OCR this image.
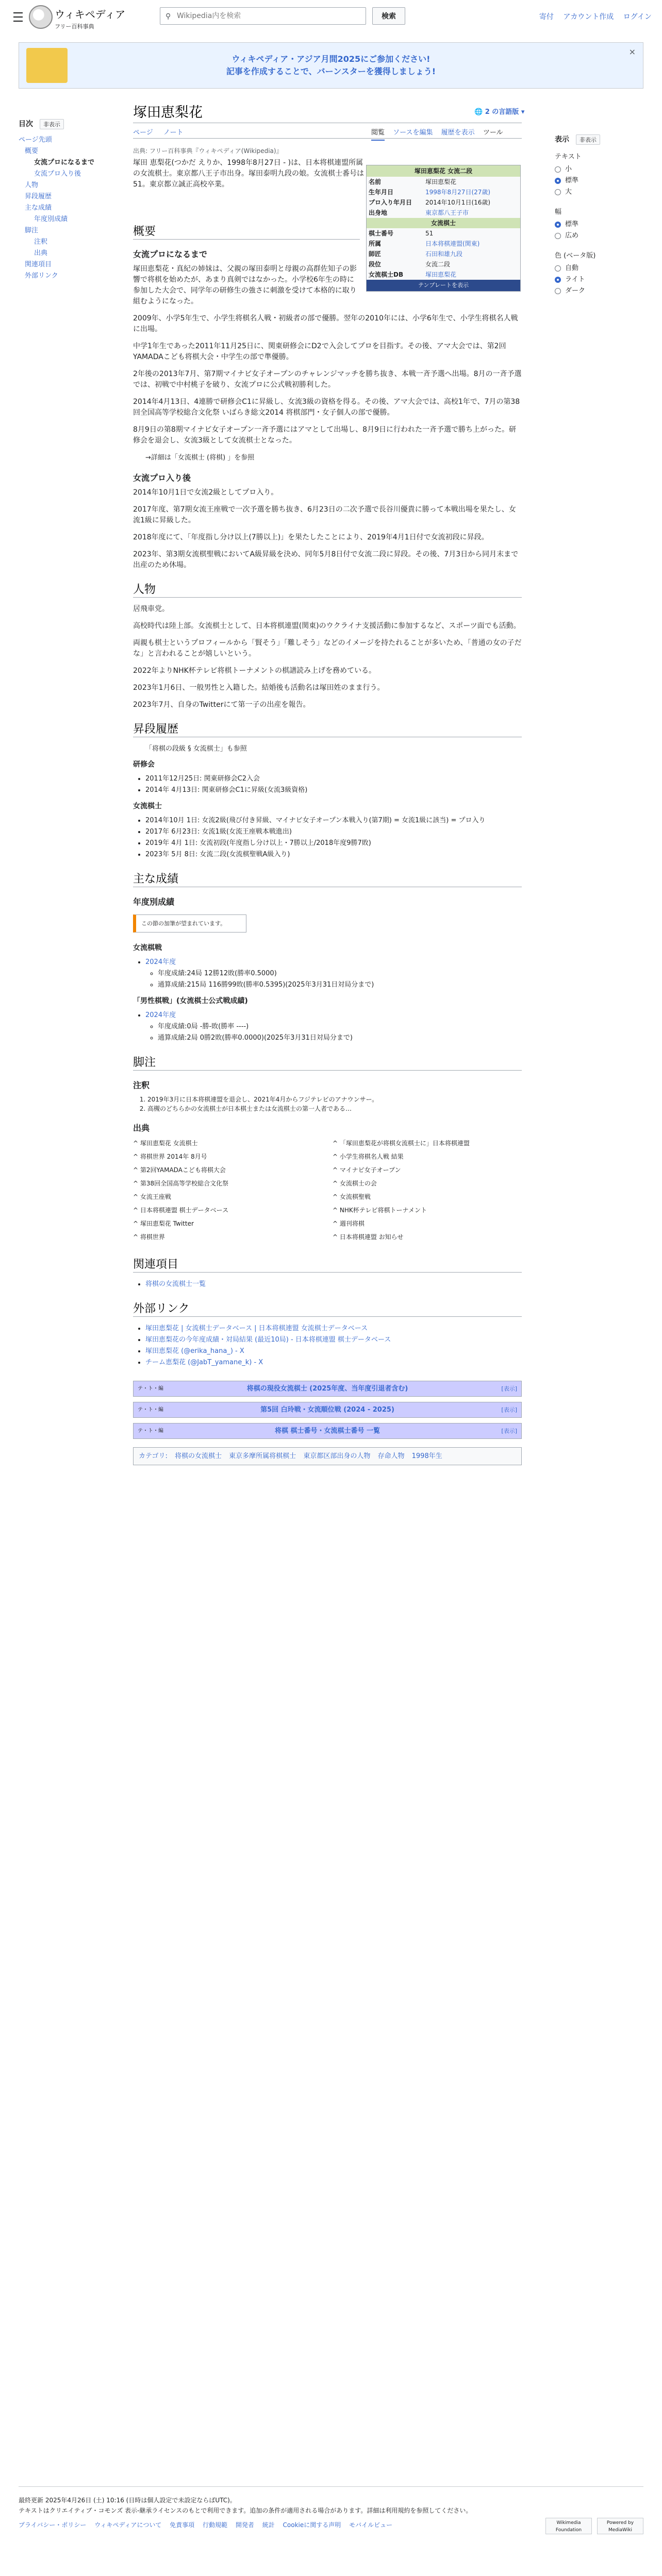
ウィキペディア
フリー百科事典
⚲
Wikipedia内を検索	検索	寄付 アカウント作成 ログイン
ウィキペディア・アジア月間2025にご参加ください!
記事を作成することで、バーンスターを獲得しましょう!
×
目次 非表示
ページ先頭
概要
女流プロになるまで
女流プロ入り後
人物
昇段履歴
主な成績
年度別成績
脚注
注釈
出典
関連項目
外部リンク
塚田恵梨花	🌐 2 の言語版 ▾
ページ ノート	閲覧 ソースを編集 履歴を表示 ツール
出典: フリー百科事典『ウィキペディア(Wikipedia)』
塚田恵梨花 女流二段
名前	塚田恵梨花
生年月日	1998年8月27日(27歳)
プロ入り年月日	2014年10月1日(16歳)
出身地	東京都八王子市
女流棋士
棋士番号	51
所属	日本将棋連盟(関東)
師匠	石田和雄九段
段位	女流二段
女流棋士DB	塚田恵梨花
テンプレートを表示
表示 非表示
テキスト
小
標準
大
幅
標準
広め
色 (ベータ版)
自動
ライト
ダーク

塚田 恵梨花(つかだ えりか、1998年8月27日 - )は、日本将棋連盟所属の女流棋士。東京都八王子市出身。塚田泰明九段の娘。女流棋士番号は51。東京都立誠正高校卒業。

概要
女流プロになるまで

塚田恵梨花・真紀の姉妹は、父親の塚田泰明と母親の高群佐知子の影響で将棋を始めたが、あまり真剣ではなかった。小学校6年生の時に参加した大会で、同学年の研修生の強さに刺激を受けて本格的に取り組むようになった。

2009年、小学5年生で、小学生将棋名人戦・初級者の部で優勝。翌年の2010年には、小学6年生で、小学生将棋名人戦に出場。

中学1年生であった2011年11月25日に、関東研修会にD2で入会してプロを目指す。その後、アマ大会では、第2回YAMADAこども将棋大会・中学生の部で準優勝。

2年後の2013年7月、第7期マイナビ女子オープンのチャレンジマッチを勝ち抜き、本戦一斉予選へ出場。8月の一斉予選では、初戦で中村桃子を破り、女流プロに公式戦初勝利した。

2014年4月13日、4連勝で研修会C1に昇級し、女流3級の資格を得る。その後、アマ大会では、高校1年で、7月の第38回全国高等学校総合文化祭 いばらき総文2014 将棋部門・女子個人の部で優勝。

8月9日の第8期マイナビ女子オープン一斉予選にはアマとして出場し、8月9日に行われた一斉予選で勝ち上がった。研修会を退会し、女流3級として女流棋士となった。

→詳細は「女流棋士 (将棋) 」を参照
女流プロ入り後

2014年10月1日で女流2級としてプロ入り。

2017年度、第7期女流王座戦で一次予選を勝ち抜き、6月23日の二次予選で長谷川優貴に勝って本戦出場を果たし、女流1級に昇級した。

2018年度にて、「年度指し分け以上(7勝以上)」を果たしたことにより、2019年4月1日付で女流初段に昇段。

2023年、第3期女流棋聖戦においてA級昇級を決め、同年5月8日付で女流二段に昇段。その後、7月3日から同月末まで出産のため休場。

人物

居飛車党。

高校時代は陸上部。女流棋士として、日本将棋連盟(関東)のウクライナ支援活動に参加するなど、スポーツ面でも活動。

両親も棋士というプロフィールから「賢そう」「難しそう」などのイメージを持たれることが多いため、「普通の女の子だな」と言われることが嬉しいという。

2022年よりNHK杯テレビ将棋トーナメントの棋譜読み上げを務めている。

2023年1月6日、一般男性と入籍した。結婚後も活動名は塚田姓のまま行う。

2023年7月、自身のTwitterにて第一子の出産を報告。

昇段履歴
「将棋の段級 § 女流棋士」も参照
研修会
• 2011年12月25日: 関東研修会C2入会
• 2014年 4月13日: 関東研修会C1に昇級(女流3級資格)
女流棋士
• 2014年10月 1日: 女流2級(飛び付き昇級、マイナビ女子オープン本戦入り(第7期) = 女流1級に該当) = プロ入り
• 2017年 6月23日: 女流1級(女流王座戦本戦進出)
• 2019年 4月 1日: 女流初段(年度指し分け以上・7勝以上/2018年度9勝7敗)
• 2023年 5月 8日: 女流二段(女流棋聖戦A級入り)
主な成績
年度別成績
この節の加筆が望まれています。
女流棋戦
• 2024年度
◦ 年度成績:24局 12勝12敗(勝率0.5000)
◦ 通算成績:215局 116勝99敗(勝率0.5395)(2025年3月31日対局分まで)
「男性棋戦」(女流棋士公式戦成績)
• 2024年度
◦ 年度成績:0局 -勝-敗(勝率 ----)
◦ 通算成績:2局 0勝2敗(勝率0.0000)(2025年3月31日対局分まで)
脚注
注釈
1. 2019年3月に日本将棋連盟を退会し、2021年4月からフジテレビのアナウンサー。
2. 高槻のどちらかの女流棋士が日本棋士または女流棋士の第一人者である…
出典
^ 塚田恵梨花 女流棋士	^ 「塚田恵梨花が将棋女流棋士に」日本将棋連盟
^ 将棋世界 2014年 8月号	^ 小学生将棋名人戦 結果
^ 第2回YAMADAこども将棋大会	^ マイナビ女子オープン
^ 第38回全国高等学校総合文化祭	^ 女流棋士の会
^ 女流王座戦	^ 女流棋聖戦
^ 日本将棋連盟 棋士データベース	^ NHK杯テレビ将棋トーナメント
^ 塚田恵梨花 Twitter	^ 週刊将棋
^ 将棋世界	^ 日本将棋連盟 お知らせ
関連項目
• 将棋の女流棋士一覧
外部リンク
• 塚田恵梨花 | 女流棋士データベース | 日本将棋連盟 女流棋士データベース
• 塚田恵梨花の今年度成績・対局結果 (最近10局) - 日本将棋連盟 棋士データベース
• 塚田恵梨花 (@erika_hana_) - X
• チーム恵梨花 (@JabT_yamane_k) - X
テ・ト・編	将棋の現役女流棋士 (2025年度、当年度引退者含む)	[表示]
テ・ト・編	第5回 白玲戦・女流順位戦 (2024 - 2025)	[表示]
テ・ト・編	将棋 棋士番号・女流棋士番号 一覧	[表示]
カテゴリ: 将棋の女流棋士 東京多摩所属将棋棋士 東京都区部出身の人物 存命人物 1998年生
最終更新 2025年4月26日 (土) 10:16 (日時は個人設定で未設定ならばUTC)。
テキストはクリエイティブ・コモンズ 表示-継承ライセンスのもとで利用できます。追加の条件が適用される場合があります。詳細は利用規約を参照してください。
プライバシー・ポリシー ウィキペディアについて 免責事項 行動規範 開発者 統計 Cookieに関する声明 モバイルビュー	Wikimedia Foundation
Powered by MediaWiki
